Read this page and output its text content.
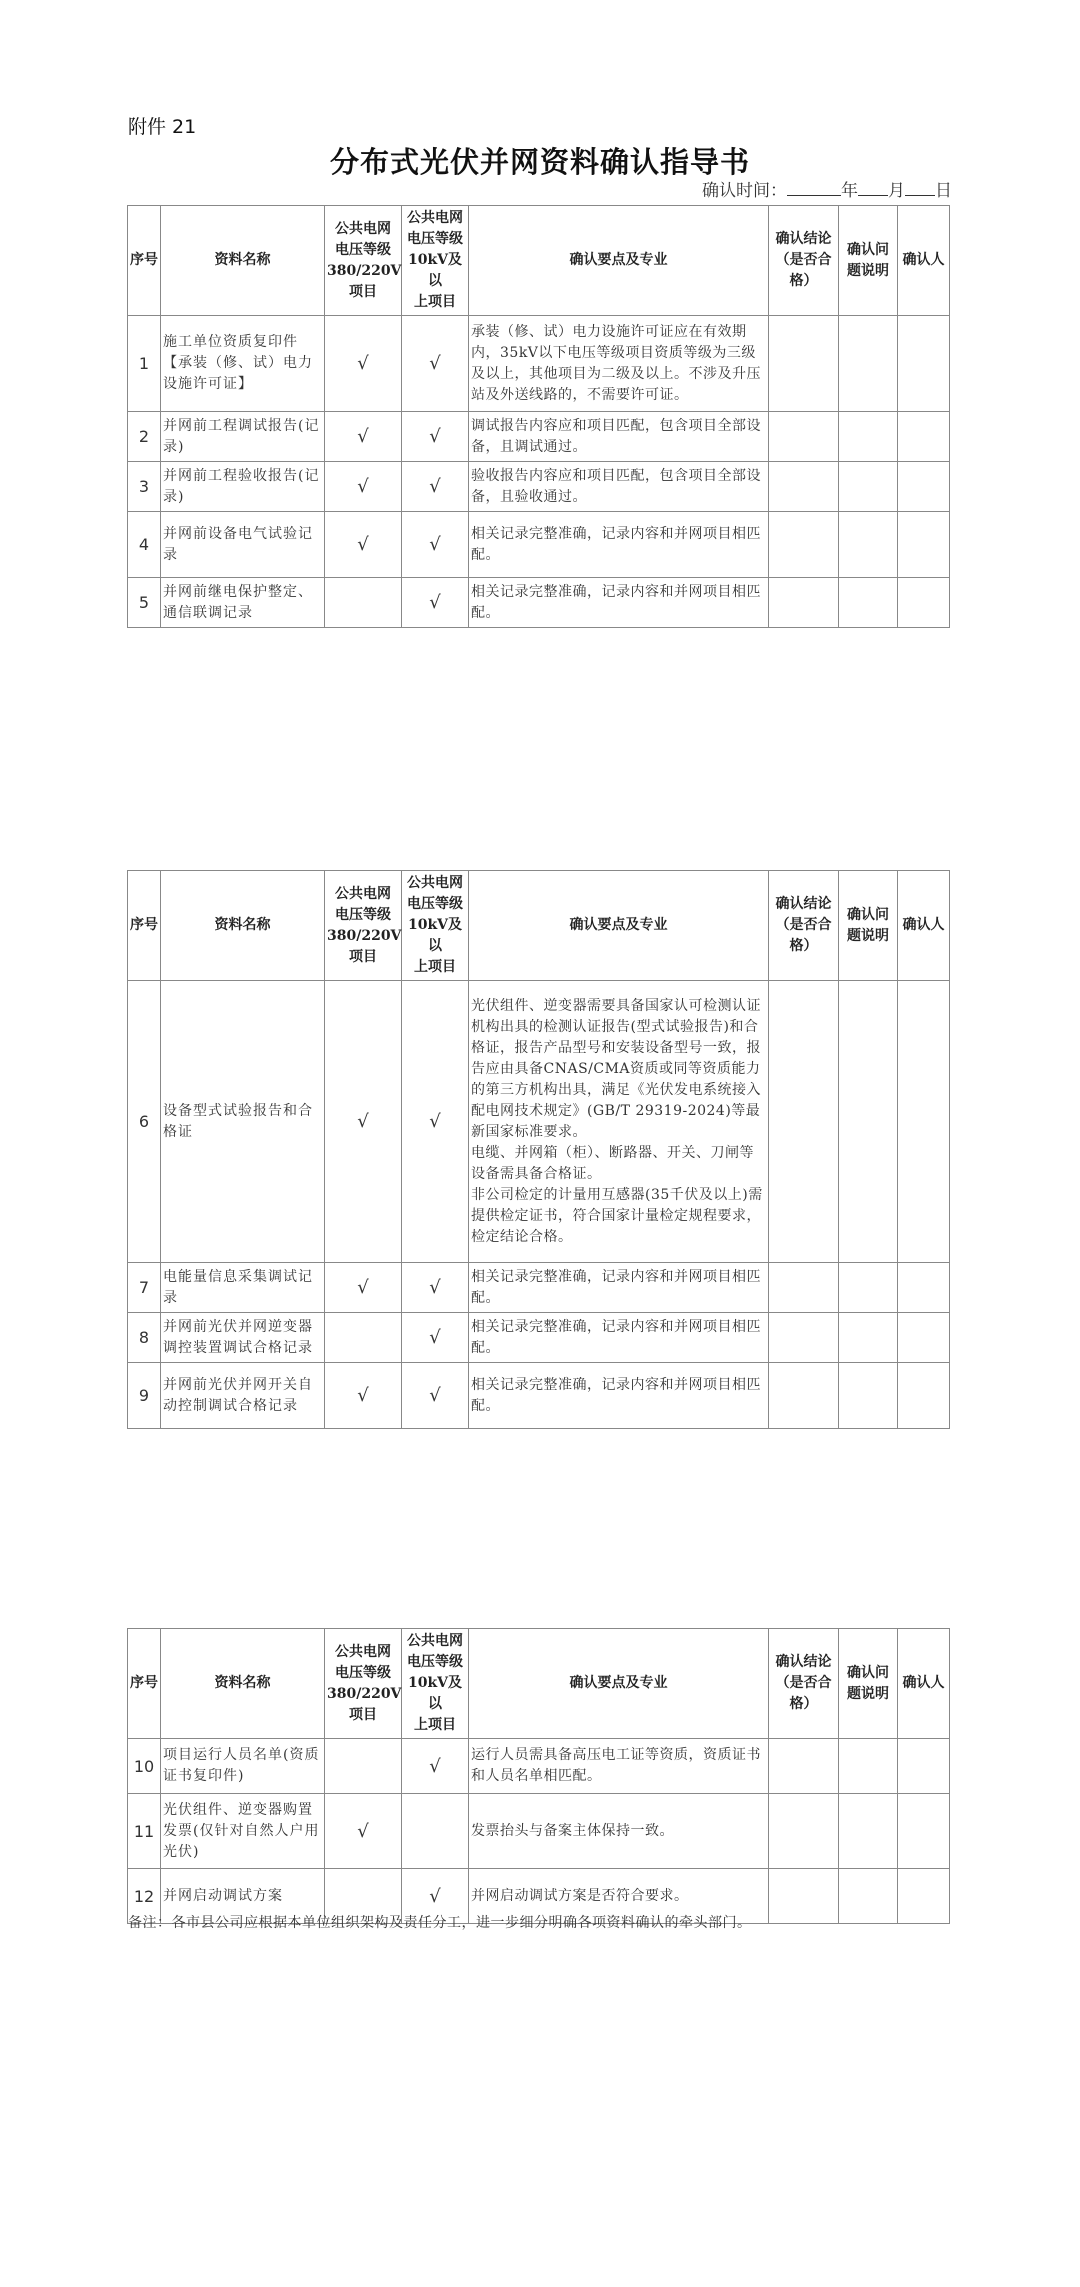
附件 21
分布式光伏并网资料确认指导书
确认时间：	年 月 日
序号	资料名称	公共电网
电压等级
380/220V
项目	公共电网
电压等级
10kV及以
上项目	确认要点及专业	确认结论
（是否合
格）	确认问
题说明	确认人
1	施工单位资质复印件【承装（修、试）电力设施许可证】	√	√	承装（修、试）电力设施许可证应在有效期内，35kV以下电压等级项目资质等级为三级及以上，其他项目为二级及以上。不涉及升压站及外送线路的，不需要许可证。			
2	并网前工程调试报告(记录)	√	√	调试报告内容应和项目匹配，包含项目全部设备，且调试通过。			
3	并网前工程验收报告(记录)	√	√	验收报告内容应和项目匹配，包含项目全部设备，且验收通过。			
4	并网前设备电气试验记录	√	√	相关记录完整准确，记录内容和并网项目相匹配。			
5	并网前继电保护整定、通信联调记录		√	相关记录完整准确，记录内容和并网项目相匹配。			
序号	资料名称	公共电网
电压等级
380/220V
项目	公共电网
电压等级
10kV及以
上项目	确认要点及专业	确认结论
（是否合
格）	确认问
题说明	确认人
6	设备型式试验报告和合格证	√	√	光伏组件、逆变器需要具备国家认可检测认证机构出具的检测认证报告(型式试验报告)和合格证，报告产品型号和安装设备型号一致，报告应由具备CNAS/CMA资质或同等资质能力的第三方机构出具，满足《光伏发电系统接入配电网技术规定》(GB/T 29319-2024)等最新国家标准要求。
电缆、并网箱（柜）、断路器、开关、刀闸等设备需具备合格证。
非公司检定的计量用互感器(35千伏及以上)需提供检定证书，符合国家计量检定规程要求，检定结论合格。			
7	电能量信息采集调试记录	√	√	相关记录完整准确，记录内容和并网项目相匹配。			
8	并网前光伏并网逆变器调控装置调试合格记录		√	相关记录完整准确，记录内容和并网项目相匹配。			
9	并网前光伏并网开关自动控制调试合格记录	√	√	相关记录完整准确，记录内容和并网项目相匹配。			
序号	资料名称	公共电网
电压等级
380/220V
项目	公共电网
电压等级
10kV及以
上项目	确认要点及专业	确认结论
（是否合
格）	确认问
题说明	确认人
10	项目运行人员名单(资质证书复印件)		√	运行人员需具备高压电工证等资质，资质证书和人员名单相匹配。			
11	光伏组件、逆变器购置发票(仅针对自然人户用光伏)	√		发票抬头与备案主体保持一致。			
12	并网启动调试方案		√	并网启动调试方案是否符合要求。			
备注：各市县公司应根据本单位组织架构及责任分工，进一步细分明确各项资料确认的牵头部门。
